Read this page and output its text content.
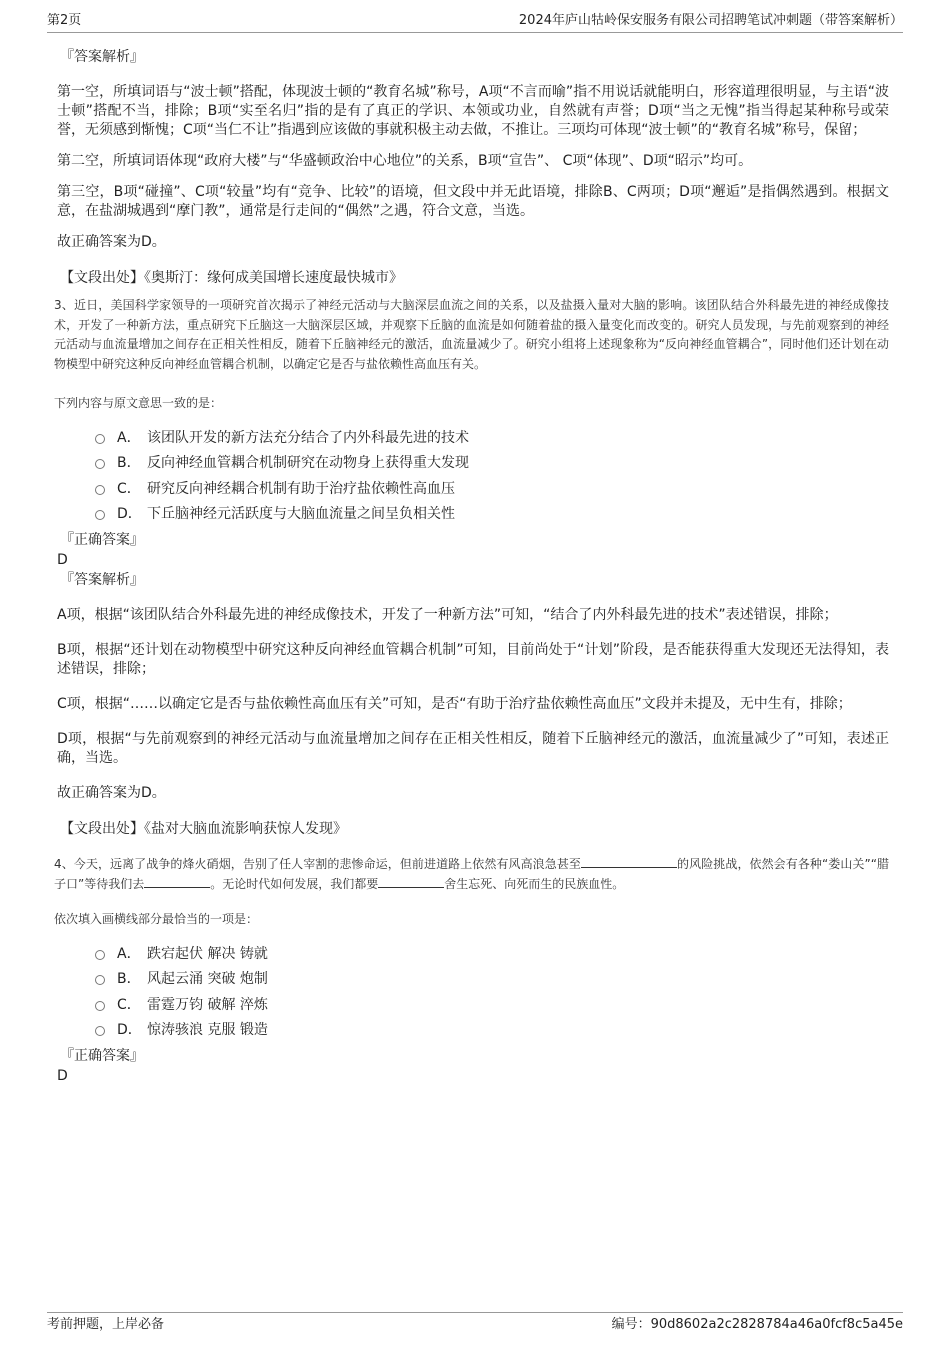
第2页	2024年庐山牯岭保安服务有限公司招聘笔试冲刺题（带答案解析）
『答案解析』

第一空，所填词语与“波士顿”搭配，体现波士顿的“教育名城”称号，A项“不言而喻”指不用说话就能明白，形容道理很明显，与主语“波士顿”搭配不当，排除；B项“实至名归”指的是有了真正的学识、本领或功业，自然就有声誉；D项“当之无愧”指当得起某种称号或荣誉，无须感到惭愧；C项“当仁不让”指遇到应该做的事就积极主动去做，不推让。三项均可体现“波士顿”的“教育名城”称号，保留；

第二空，所填词语体现“政府大楼”与“华盛顿政治中心地位”的关系，B项“宣告”、 C项“体现”、D项“昭示”均可。

第三空，B项“碰撞”、C项“较量”均有“竞争、比较”的语境，但文段中并无此语境，排除B、C两项；D项“邂逅”是指偶然遇到。根据文意，在盐湖城遇到“摩门教”，通常是行走间的“偶然”之遇，符合文意，当选。

故正确答案为D。

【文段出处】《奥斯汀：缘何成美国增长速度最快城市》

3、近日，美国科学家领导的一项研究首次揭示了神经元活动与大脑深层血流之间的关系，以及盐摄入量对大脑的影响。该团队结合外科最先进的神经成像技术，开发了一种新方法，重点研究下丘脑这一大脑深层区域，并观察下丘脑的血流是如何随着盐的摄入量变化而改变的。研究人员发现，与先前观察到的神经元活动与血流量增加之间存在正相关性相反，随着下丘脑神经元的激活，血流量减少了。研究小组将上述现象称为“反向神经血管耦合”，同时他们还计划在动物模型中研究这种反向神经血管耦合机制，以确定它是否与盐依赖性高血压有关。

下列内容与原文意思一致的是：
A． 该团队开发的新方法充分结合了内外科最先进的技术
B． 反向神经血管耦合机制研究在动物身上获得重大发现
C． 研究反向神经耦合机制有助于治疗盐依赖性高血压
D． 下丘脑神经元活跃度与大脑血流量之间呈负相关性
『正确答案』

D

『答案解析』

A项，根据“该团队结合外科最先进的神经成像技术，开发了一种新方法”可知，“结合了内外科最先进的技术”表述错误，排除；

B项，根据“还计划在动物模型中研究这种反向神经血管耦合机制”可知，目前尚处于“计划”阶段，是否能获得重大发现还无法得知，表述错误，排除；

C项，根据“……以确定它是否与盐依赖性高血压有关”可知，是否“有助于治疗盐依赖性高血压”文段并未提及，无中生有，排除；

D项，根据“与先前观察到的神经元活动与血流量增加之间存在正相关性相反，随着下丘脑神经元的激活，血流量减少了”可知，表述正确，当选。

故正确答案为D。

【文段出处】《盐对大脑血流影响获惊人发现》

4、今天，远离了战争的烽火硝烟，告别了任人宰割的悲惨命运，但前进道路上依然有风高浪急甚至	的风险挑战，依然会有各种“娄山关”“腊子口”等待我们去	。无论时代如何发展，我们都要	舍生忘死、向死而生的民族血性。

依次填入画横线部分最恰当的一项是：
A． 跌宕起伏 解决 铸就
B． 风起云涌 突破 炮制
C． 雷霆万钧 破解 淬炼
D． 惊涛骇浪 克服 锻造
『正确答案』

D

考前押题，上岸必备	编号：90d8602a2c2828784a46a0fcf8c5a45e
